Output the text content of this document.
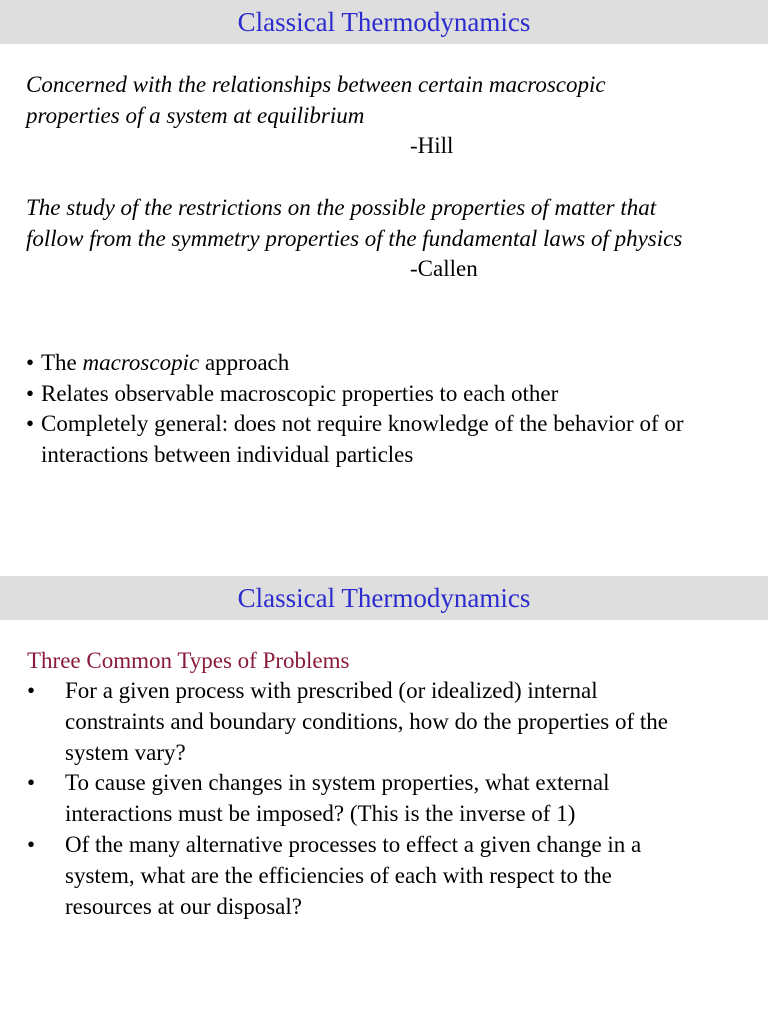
Classical Thermodynamics
Concerned with the relationships between certain macroscopic
properties of a system at equilibrium
-Hill
The study of the restrictions on the possible properties of matter that
follow from the symmetry properties of the fundamental laws of physics
-Callen
• The macroscopic approach
• Relates observable macroscopic properties to each other
• Completely general: does not require knowledge of the behavior of or
interactions between individual particles
Classical Thermodynamics
Three Common Types of Problems
• For a given process with prescribed (or idealized) internal
constraints and boundary conditions, how do the properties of the
system vary?
• To cause given changes in system properties, what external
interactions must be imposed? (This is the inverse of 1)
• Of the many alternative processes to effect a given change in a
system, what are the efficiencies of each with respect to the
resources at our disposal?
